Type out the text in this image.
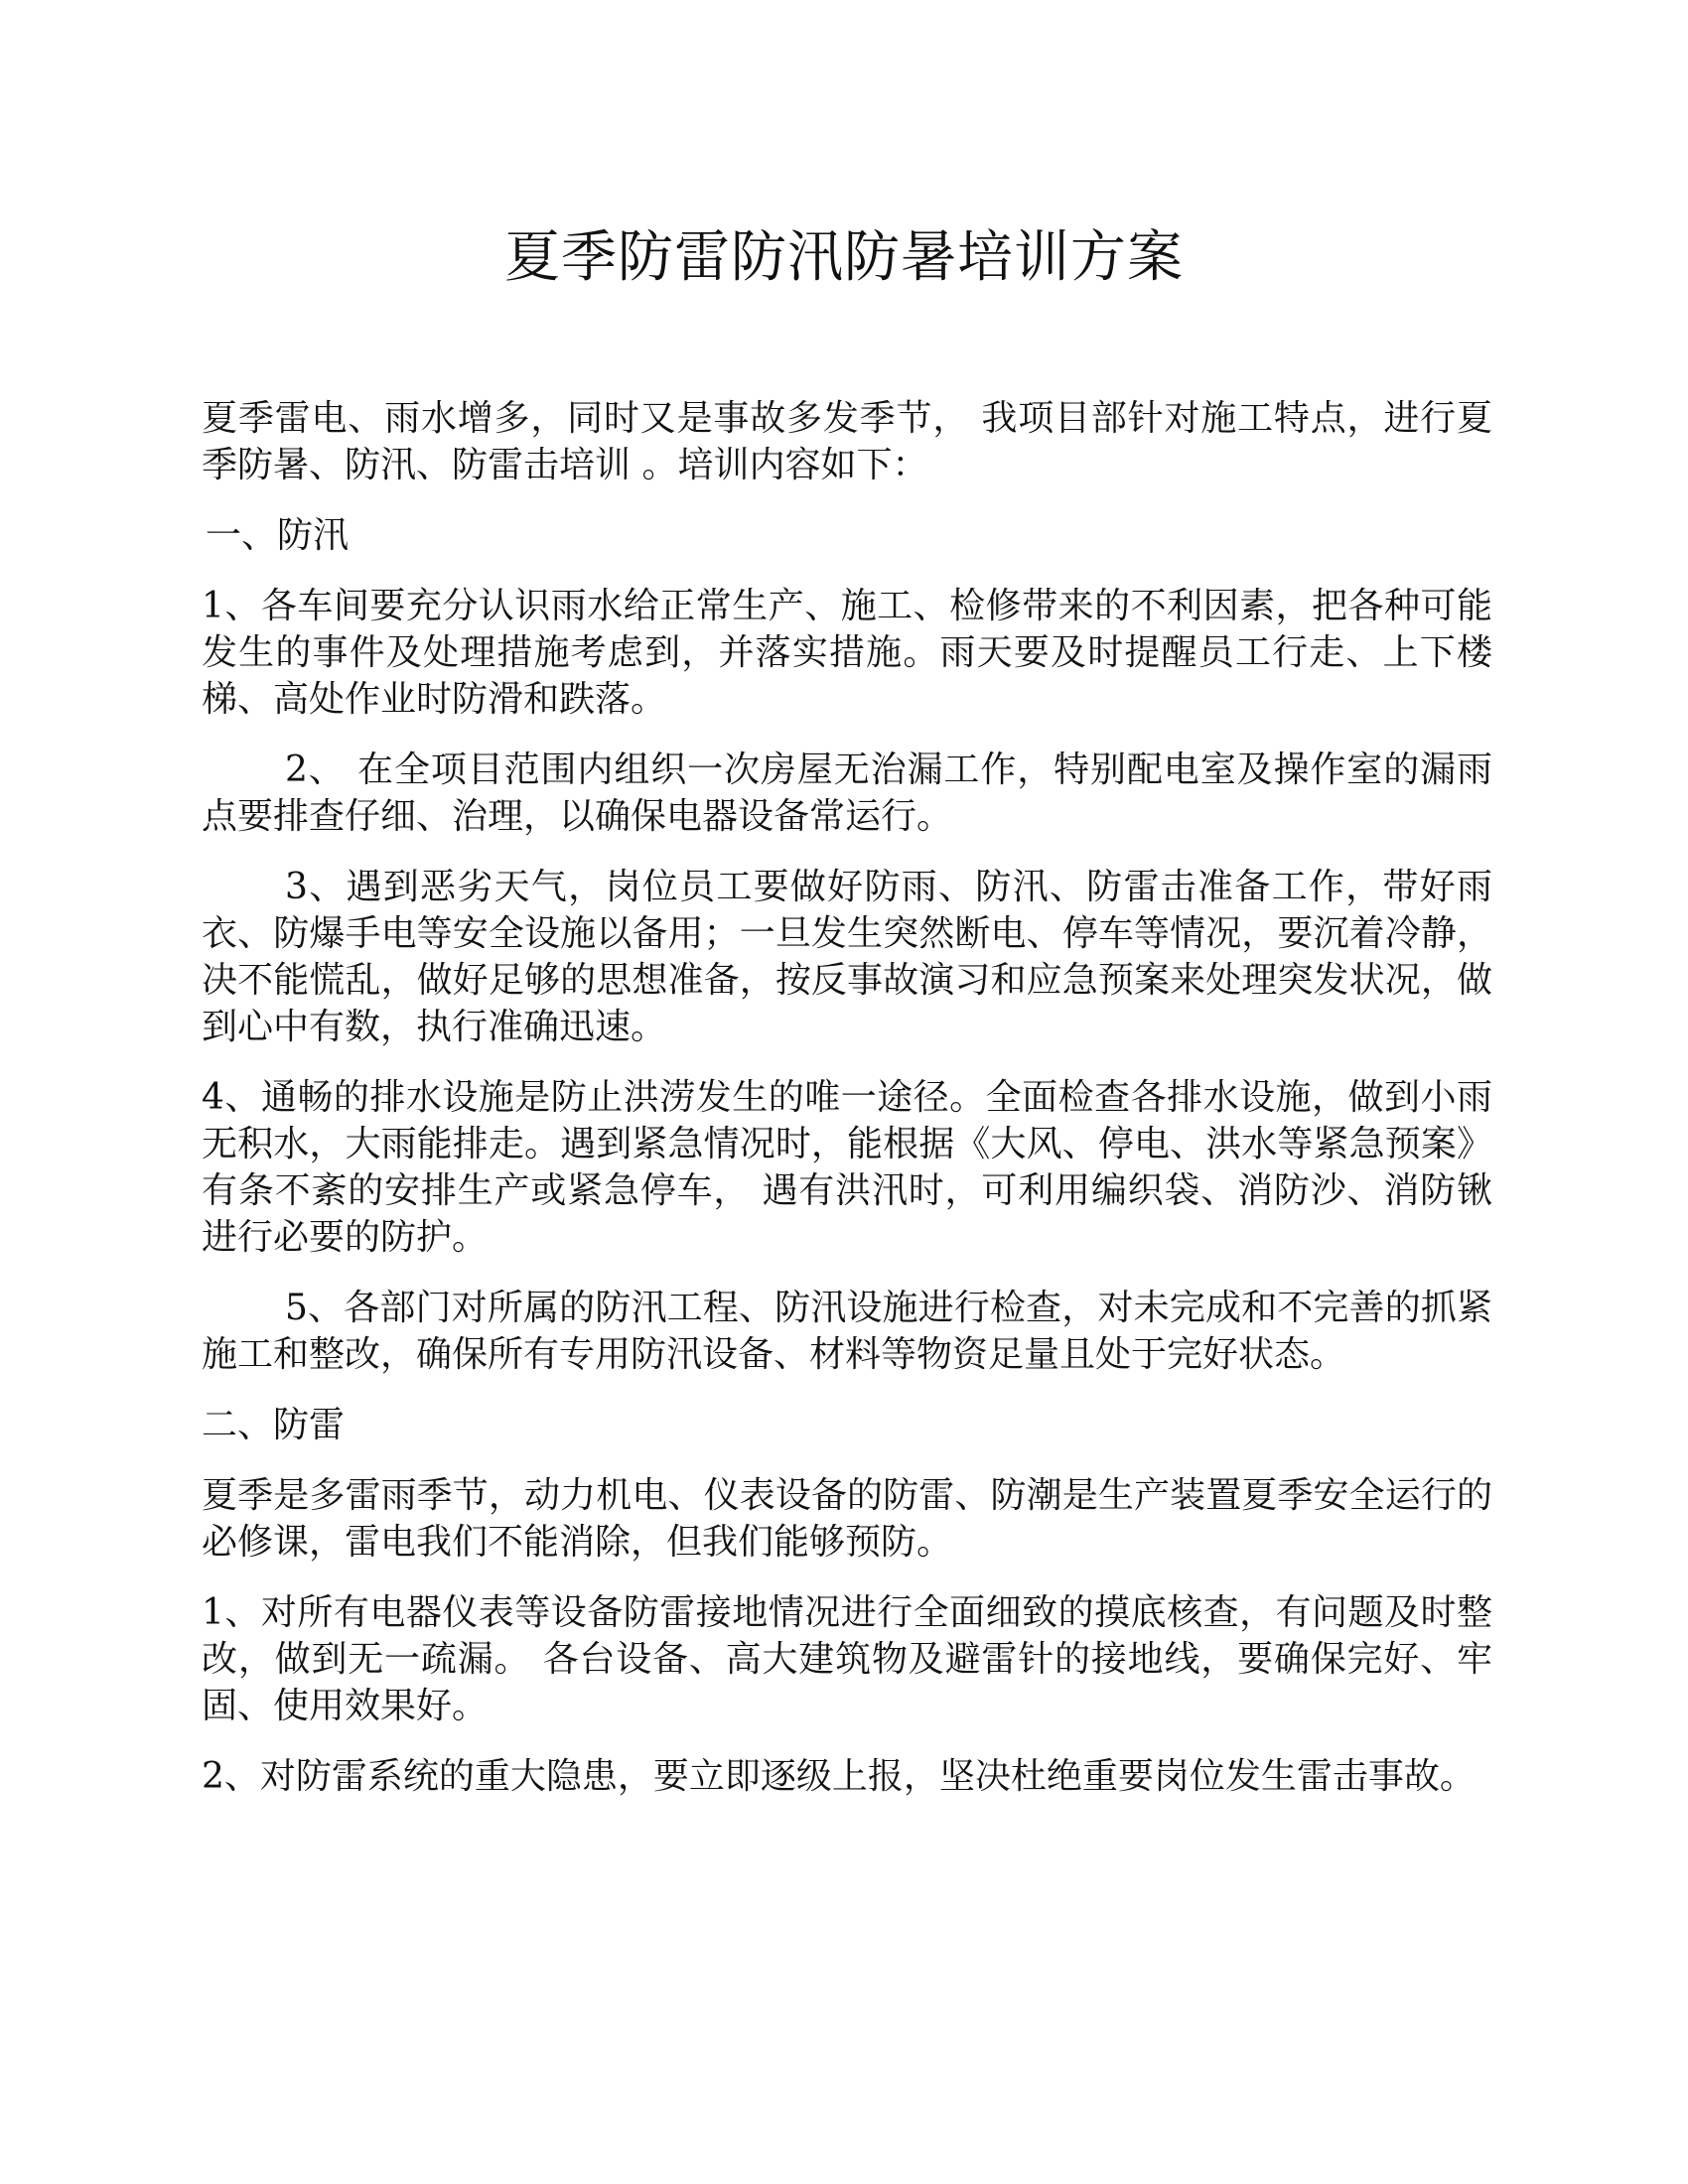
夏季防雷防汛防暑培训方案

夏季雷电、雨水增多，同时又是事故多发季节， 我项目部针对施工特点，进行夏季防暑、防汛、防雷击培训 。培训内容如下：

一、防汛

1、各车间要充分认识雨水给正常生产、施工、检修带来的不利因素，把各种可能发生的事件及处理措施考虑到，并落实措施。雨天要及时提醒员工行走、上下楼梯、高处作业时防滑和跌落。

2、 在全项目范围内组织一次房屋无治漏工作，特别配电室及操作室的漏雨点要排查仔细、治理，以确保电器设备常运行。

3、遇到恶劣天气，岗位员工要做好防雨、防汛、防雷击准备工作，带好雨衣、防爆手电等安全设施以备用；一旦发生突然断电、停车等情况，要沉着冷静，决不能慌乱，做好足够的思想准备，按反事故演习和应急预案来处理突发状况，做到心中有数，执行准确迅速。

4、通畅的排水设施是防止洪涝发生的唯一途径。全面检查各排水设施，做到小雨无积水，大雨能排走。遇到紧急情况时，能根据《大风、停电、洪水等紧急预案》有条不紊的安排生产或紧急停车， 遇有洪汛时，可利用编织袋、消防沙、消防锹进行必要的防护。

5、各部门对所属的防汛工程、防汛设施进行检查，对未完成和不完善的抓紧施工和整改，确保所有专用防汛设备、材料等物资足量且处于完好状态。

二、防雷

夏季是多雷雨季节，动力机电、仪表设备的防雷、防潮是生产装置夏季安全运行的必修课，雷电我们不能消除，但我们能够预防。

1、对所有电器仪表等设备防雷接地情况进行全面细致的摸底核查，有问题及时整改，做到无一疏漏。 各台设备、高大建筑物及避雷针的接地线，要确保完好、牢固、使用效果好。

2、对防雷系统的重大隐患，要立即逐级上报，坚决杜绝重要岗位发生雷击事故。
